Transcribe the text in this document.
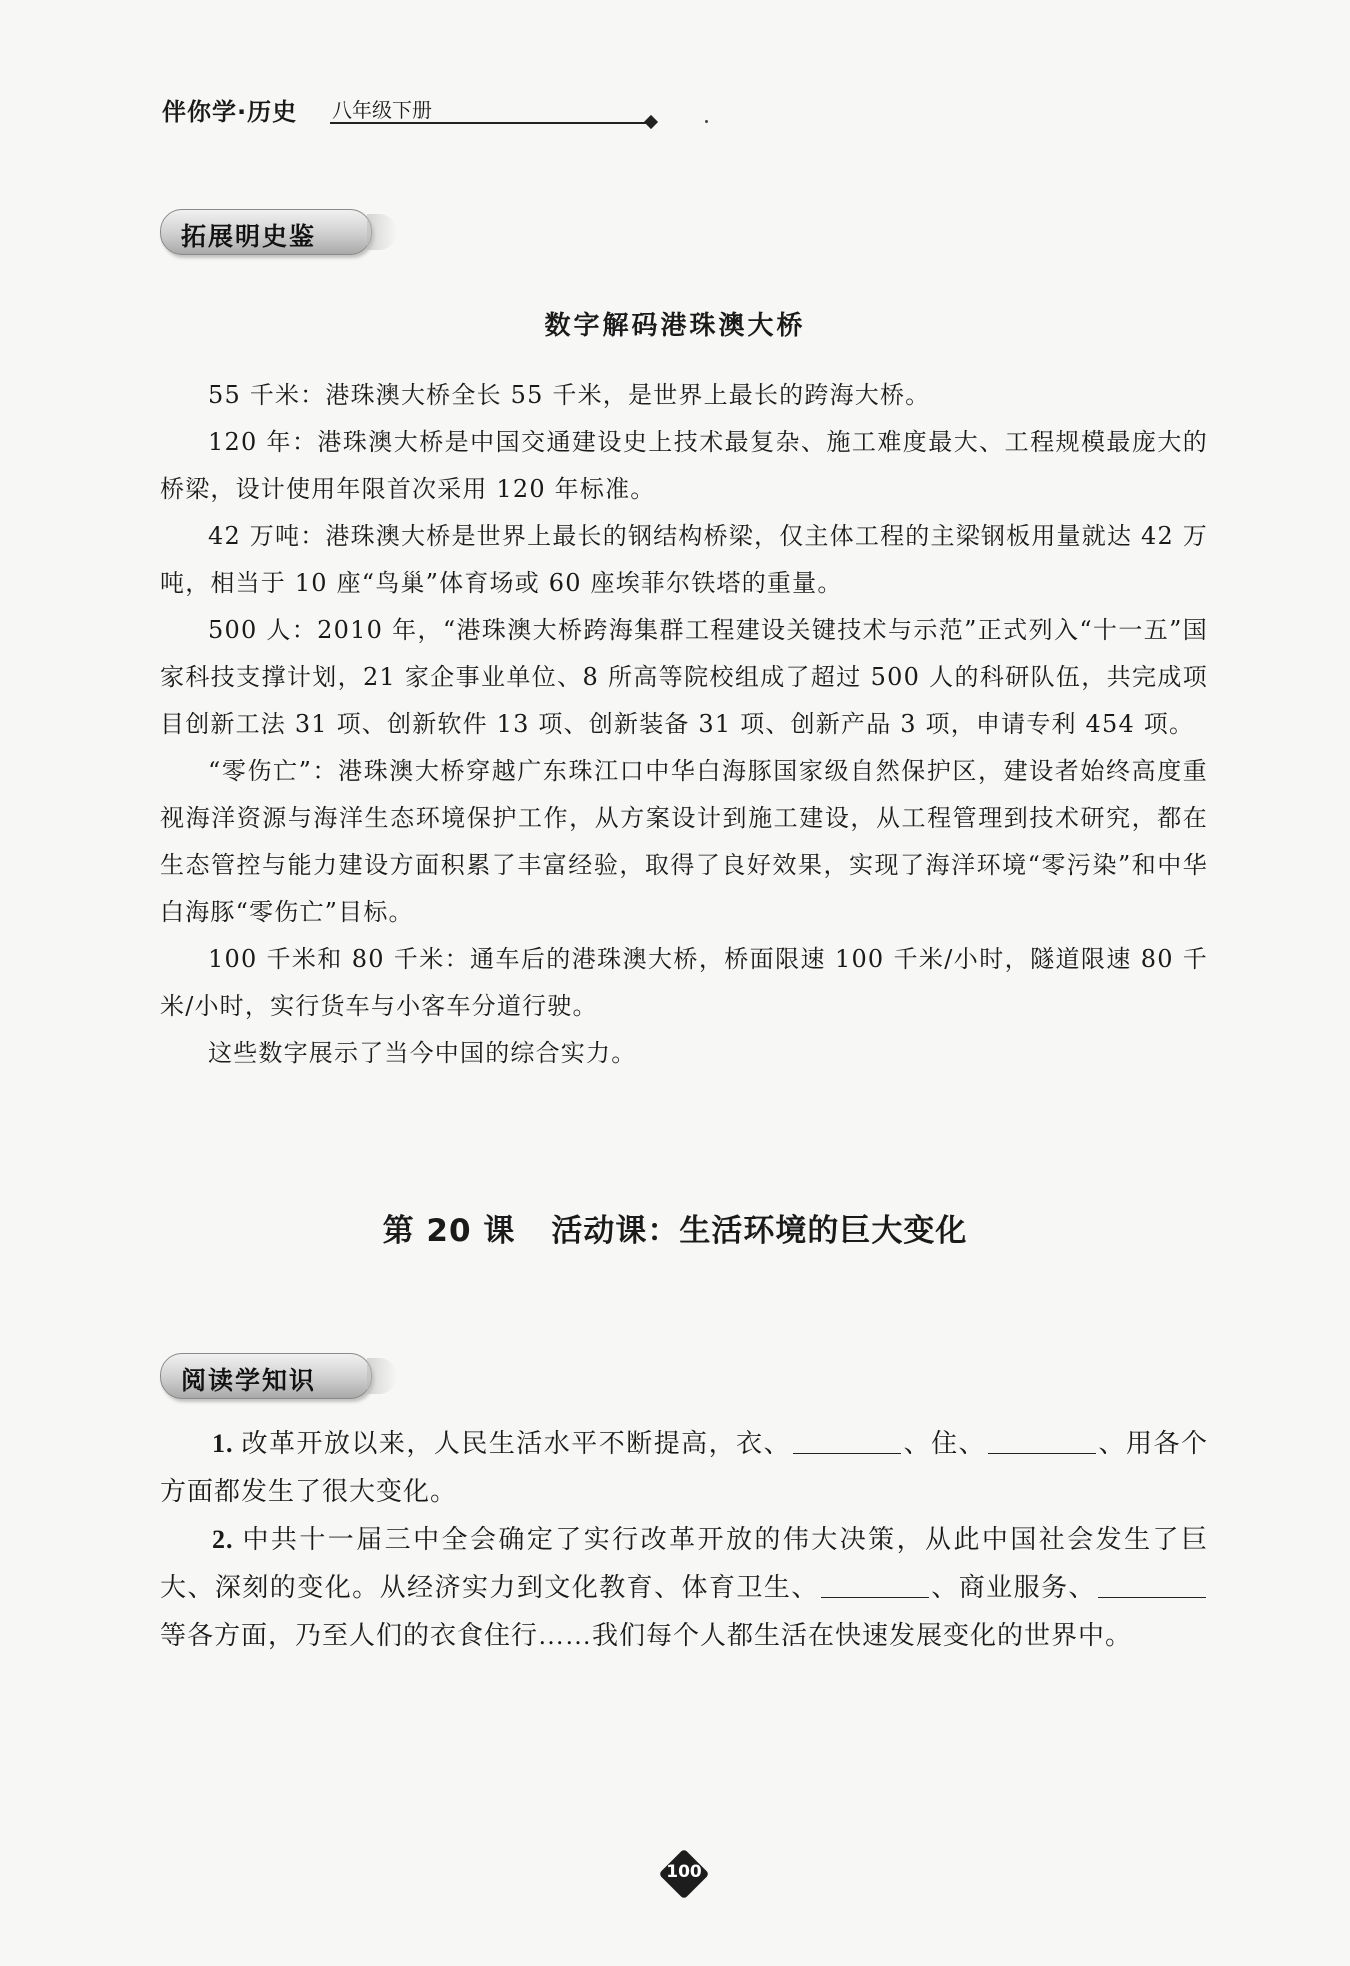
伴你学·历史 八年级下册
拓展明史鉴
数字解码港珠澳大桥

55 千米：港珠澳大桥全长 55 千米，是世界上最长的跨海大桥。

120 年：港珠澳大桥是中国交通建设史上技术最复杂、施工难度最大、工程规模最庞大的桥梁，设计使用年限首次采用 120 年标准。

42 万吨：港珠澳大桥是世界上最长的钢结构桥梁，仅主体工程的主梁钢板用量就达 42 万吨，相当于 10 座“鸟巢”体育场或 60 座埃菲尔铁塔的重量。

500 人：2010 年，“港珠澳大桥跨海集群工程建设关键技术与示范”正式列入“十一五”国家科技支撑计划，21 家企事业单位、8 所高等院校组成了超过 500 人的科研队伍，共完成项目创新工法 31 项、创新软件 13 项、创新装备 31 项、创新产品 3 项，申请专利 454 项。

“零伤亡”：港珠澳大桥穿越广东珠江口中华白海豚国家级自然保护区，建设者始终高度重视海洋资源与海洋生态环境保护工作，从方案设计到施工建设，从工程管理到技术研究，都在生态管控与能力建设方面积累了丰富经验，取得了良好效果，实现了海洋环境“零污染”和中华白海豚“零伤亡”目标。

100 千米和 80 千米：通车后的港珠澳大桥，桥面限速 100 千米/小时，隧道限速 80 千米/小时，实行货车与小客车分道行驶。

这些数字展示了当今中国的综合实力。

第 20 课 活动课：生活环境的巨大变化
阅读学知识

1. 改革开放以来，人民生活水平不断提高，衣、	、住、	、用各个方面都发生了很大变化。

2. 中共十一届三中全会确定了实行改革开放的伟大决策，从此中国社会发生了巨大、深刻的变化。从经济实力到文化教育、体育卫生、	、商业服务、等各方面，乃至人们的衣食住行……我们每个人都生活在快速发展变化的世界中。

100
